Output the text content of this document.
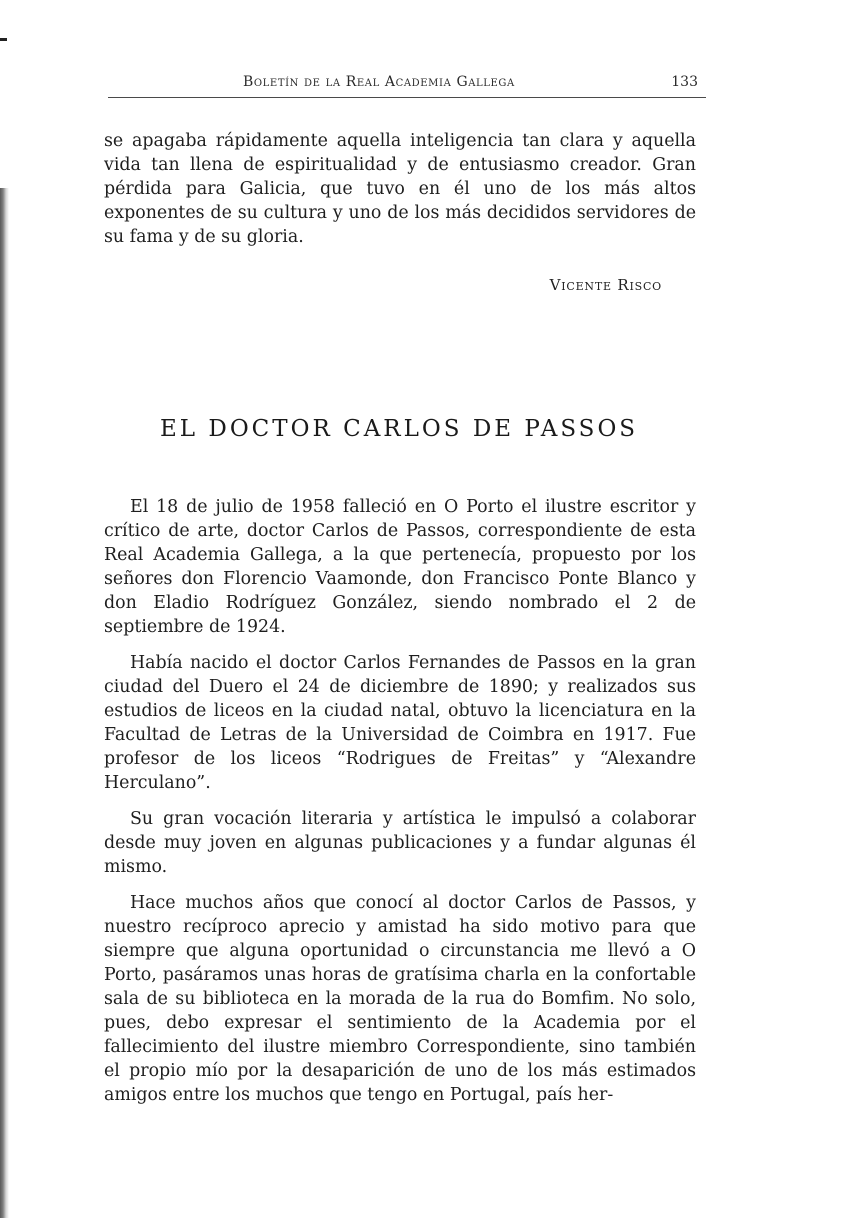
Boletín de la Real Academia Gallega	133

se apagaba rápidamente aquella inteligencia tan clara y aquella vida tan llena de espiritualidad y de entusiasmo creador. Gran pérdida para Galicia, que tuvo en él uno de los más altos exponentes de su cultura y uno de los más decididos servidores de su fama y de su gloria.

Vicente Risco
EL DOCTOR CARLOS DE PASSOS

El 18 de julio de 1958 falleció en O Porto el ilustre escritor y crítico de arte, doctor Carlos de Passos, correspondiente de esta Real Academia Gallega, a la que pertenecía, propuesto por los señores don Florencio Vaamonde, don Francisco Ponte Blanco y don Eladio Rodríguez González, siendo nombrado el 2 de septiembre de 1924.

Había nacido el doctor Carlos Fernandes de Passos en la gran ciudad del Duero el 24 de diciembre de 1890; y realizados sus estudios de liceos en la ciudad natal, obtuvo la licenciatura en la Facultad de Letras de la Universidad de Coimbra en 1917. Fue profesor de los liceos “Rodrigues de Freitas” y “Alexandre Herculano”.

Su gran vocación literaria y artística le impulsó a colaborar desde muy joven en algunas publicaciones y a fundar algunas él mismo.

Hace muchos años que conocí al doctor Carlos de Passos, y nuestro recíproco aprecio y amistad ha sido motivo para que siempre que alguna oportunidad o circunstancia me llevó a O Porto, pasáramos unas horas de gratísima charla en la confortable sala de su biblioteca en la morada de la rua do Bomfim. No solo, pues, debo expresar el sentimiento de la Academia por el fallecimiento del ilustre miembro Correspondiente, sino también el propio mío por la desaparición de uno de los más estimados amigos entre los muchos que tengo en Portugal, país her-
